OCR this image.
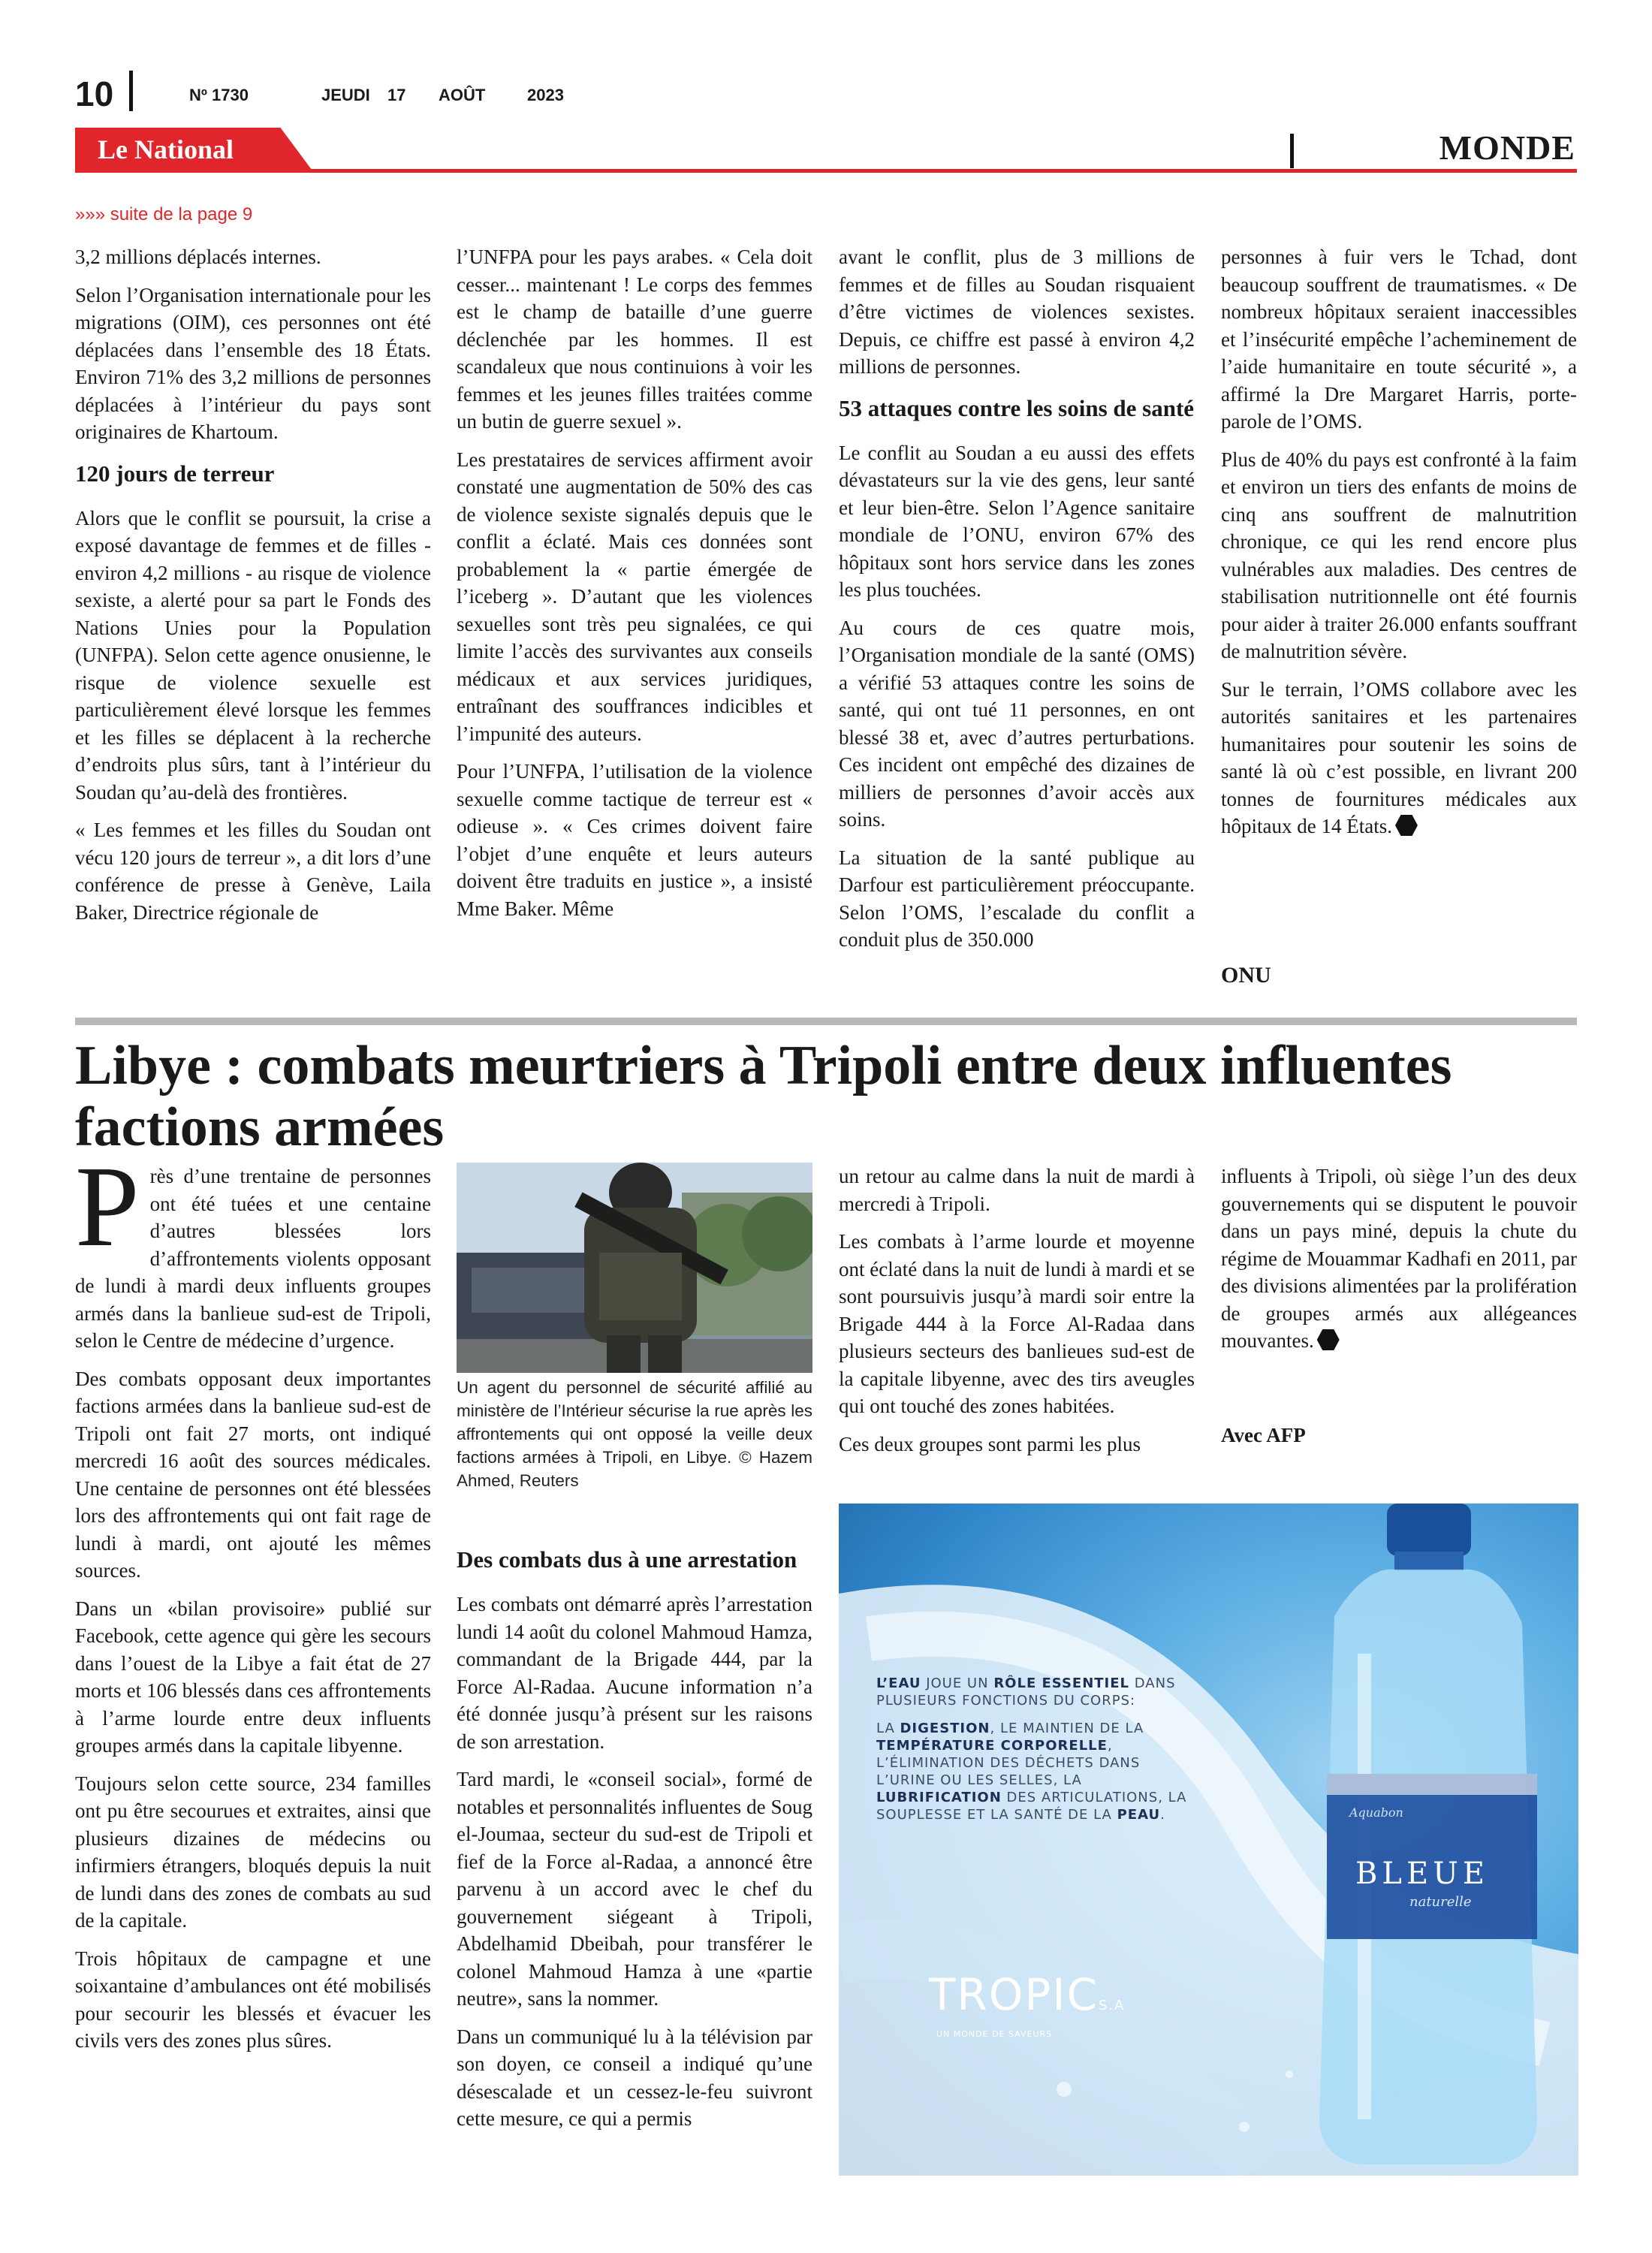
10	Nº 1730	JEUDI 17 AOÛT	2023
Le National	MONDE
»»» suite de la page 9

3,2 millions déplacés internes.

Selon l’Organisation internationale pour les migrations (OIM), ces personnes ont été déplacées dans l’ensemble des 18 États. Environ 71% des 3,2 millions de personnes déplacées à l’intérieur du pays sont originaires de Khartoum.

120 jours de terreur

Alors que le conflit se poursuit, la crise a exposé davantage de femmes et de filles - environ 4,2 millions - au risque de violence sexiste, a alerté pour sa part le Fonds des Nations Unies pour la Population (UNFPA). Selon cette agence onusienne, le risque de violence sexuelle est particulièrement élevé lorsque les femmes et les filles se déplacent à la recherche d’endroits plus sûrs, tant à l’intérieur du Soudan qu’au-delà des frontières.

« Les femmes et les filles du Soudan ont vécu 120 jours de terreur », a dit lors d’une conférence de presse à Genève, Laila Baker, Directrice régionale de

l’UNFPA pour les pays arabes. « Cela doit cesser... maintenant ! Le corps des femmes est le champ de bataille d’une guerre déclenchée par les hommes. Il est scandaleux que nous continuions à voir les femmes et les jeunes filles traitées comme un butin de guerre sexuel ».

Les prestataires de services affirment avoir constaté une augmentation de 50% des cas de violence sexiste signalés depuis que le conflit a éclaté. Mais ces données sont probablement la « partie émergée de l’iceberg ». D’autant que les violences sexuelles sont très peu signalées, ce qui limite l’accès des survivantes aux conseils médicaux et aux services juridiques, entraînant des souffrances indicibles et l’impunité des auteurs.

Pour l’UNFPA, l’utilisation de la violence sexuelle comme tactique de terreur est « odieuse ». « Ces crimes doivent faire l’objet d’une enquête et leurs auteurs doivent être traduits en justice », a insisté Mme Baker. Même

avant le conflit, plus de 3 millions de femmes et de filles au Soudan risquaient d’être victimes de violences sexistes. Depuis, ce chiffre est passé à environ 4,2 millions de personnes.

53 attaques contre les soins de santé

Le conflit au Soudan a eu aussi des effets dévastateurs sur la vie des gens, leur santé et leur bien-être. Selon l’Agence sanitaire mondiale de l’ONU, environ 67% des hôpitaux sont hors service dans les zones les plus touchées.

Au cours de ces quatre mois, l’Organisation mondiale de la santé (OMS) a vérifié 53 attaques contre les soins de santé, qui ont tué 11 personnes, en ont blessé 38 et, avec d’autres perturbations. Ces incident ont empêché des dizaines de milliers de personnes d’avoir accès aux soins.

La situation de la santé publique au Darfour est particulièrement préoccupante. Selon l’OMS, l’escalade du conflit a conduit plus de 350.000

personnes à fuir vers le Tchad, dont beaucoup souffrent de traumatismes. « De nombreux hôpitaux seraient inaccessibles et l’insécurité empêche l’acheminement de l’aide humanitaire en toute sécurité », a affirmé la Dre Margaret Harris, porte-parole de l’OMS.

Plus de 40% du pays est confronté à la faim et environ un tiers des enfants de moins de cinq ans souffrent de malnutrition chronique, ce qui les rend encore plus vulnérables aux maladies. Des centres de stabilisation nutritionnelle ont été fournis pour aider à traiter 26.000 enfants souffrant de malnutrition sévère.

Sur le terrain, l’OMS collabore avec les autorités sanitaires et les partenaires humanitaires pour soutenir les soins de santé là où c’est possible, en livrant 200 tonnes de fournitures médicales aux hôpitaux de 14 États.

ONU
Libye : combats meurtriers à Tripoli entre deux influentes factions armées

Près d’une trentaine de personnes ont été tuées et une centaine d’autres blessées lors d’affrontements violents opposant de lundi à mardi deux influents groupes armés dans la banlieue sud-est de Tripoli, selon le Centre de médecine d’urgence.

Des combats opposant deux importantes factions armées dans la banlieue sud-est de Tripoli ont fait 27 morts, ont indiqué mercredi 16 août des sources médicales. Une centaine de personnes ont été blessées lors des affrontements qui ont fait rage de lundi à mardi, ont ajouté les mêmes sources.

Dans un «bilan provisoire» publié sur Facebook, cette agence qui gère les secours dans l’ouest de la Libye a fait état de 27 morts et 106 blessés dans ces affrontements à l’arme lourde entre deux influents groupes armés dans la capitale libyenne.

Toujours selon cette source, 234 familles ont pu être secourues et extraites, ainsi que plusieurs dizaines de médecins ou infirmiers étrangers, bloqués depuis la nuit de lundi dans des zones de combats au sud de la capitale.

Trois hôpitaux de campagne et une soixantaine d’ambulances ont été mobilisés pour secourir les blessés et évacuer les civils vers des zones plus sûres.

Un agent du personnel de sécurité affilié au ministère de l’Intérieur sécurise la rue après les affrontements qui ont opposé la veille deux factions armées à Tripoli, en Libye. © Hazem Ahmed, Reuters
Des combats dus à une arrestation

Les combats ont démarré après l’arrestation lundi 14 août du colonel Mahmoud Hamza, commandant de la Brigade 444, par la Force Al-Radaa. Aucune information n’a été donnée jusqu’à présent sur les raisons de son arrestation.

Tard mardi, le «conseil social», formé de notables et personnalités influentes de Soug el-Joumaa, secteur du sud-est de Tripoli et fief de la Force al-Radaa, a annoncé être parvenu à un accord avec le chef du gouvernement siégeant à Tripoli, Abdelhamid Dbeibah, pour transférer le colonel Mahmoud Hamza à une «partie neutre», sans la nommer.

Dans un communiqué lu à la télévision par son doyen, ce conseil a indiqué qu’une désescalade et un cessez-le-feu suivront cette mesure, ce qui a permis

un retour au calme dans la nuit de mardi à mercredi à Tripoli.

Les combats à l’arme lourde et moyenne ont éclaté dans la nuit de lundi à mardi et se sont poursuivis jusqu’à mardi soir entre la Brigade 444 à la Force Al-Radaa dans plusieurs secteurs des banlieues sud-est de la capitale libyenne, avec des tirs aveugles qui ont touché des zones habitées.

Ces deux groupes sont parmi les plus

influents à Tripoli, où siège l’un des deux gouvernements qui se disputent le pouvoir dans un pays miné, depuis la chute du régime de Mouammar Kadhafi en 2011, par des divisions alimentées par la prolifération de groupes armés aux allégeances mouvantes.

Avec AFP
L’EAU JOUE UN RÔLE ESSENTIEL DANS
PLUSIEURS FONCTIONS DU CORPS:
LA DIGESTION, LE MAINTIEN DE LA
TEMPÉRATURE CORPORELLE,
L’ÉLIMINATION DES DÉCHETS DANS
L’URINE OU LES SELLES, LA
LUBRIFICATION DES ARTICULATIONS, LA
SOUPLESSE ET LA SANTÉ DE LA PEAU.	Aquabon
BLEUE
naturelle
TROPICS.A
UN MONDE DE SAVEURS
